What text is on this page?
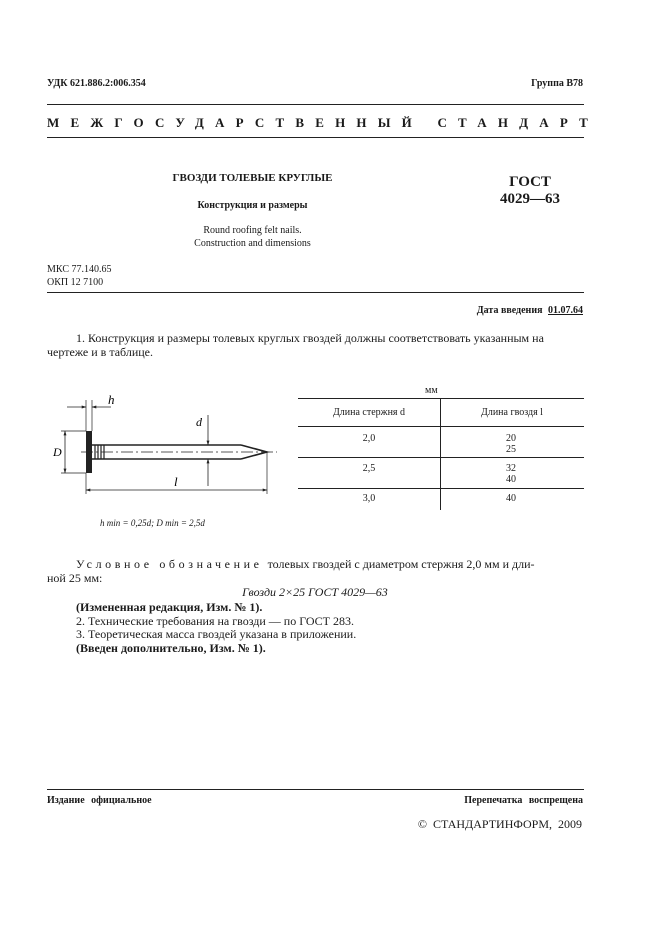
УДК 621.886.2:006.354	Группа В78
МЕЖГОСУДАРСТВЕННЫЙ СТАНДАРТ
ГВОЗДИ ТОЛЕВЫЕ КРУГЛЫЕ
Конструкция и размеры
Round roofing felt nails.
Construction and dimensions
ГОСТ
4029—63
МКС 77.140.65
ОКП 12 7100
Дата введения 01.07.64
1. Конструкция и размеры толевых круглых гвоздей должны соответствовать указанным на
чертеже и в таблице.
h
D
d
l
h min = 0,25d; D min = 2,5d
мм
Длина стержня d	Длина гвоздя l
2,0	20
25
2,5	32
40
3,0	40
Условное обозначение толевых гвоздей с диаметром стержня 2,0 мм и дли-
ной 25 мм:
Гвозди 2×25 ГОСТ 4029—63
(Измененная редакция, Изм. № 1).
2. Технические требования на гвозди — по ГОСТ 283.
3. Теоретическая масса гвоздей указана в приложении.
(Введен дополнительно, Изм. № 1).
Издание официальное	Перепечатка воспрещена
© СТАНДАРТИНФОРМ, 2009
